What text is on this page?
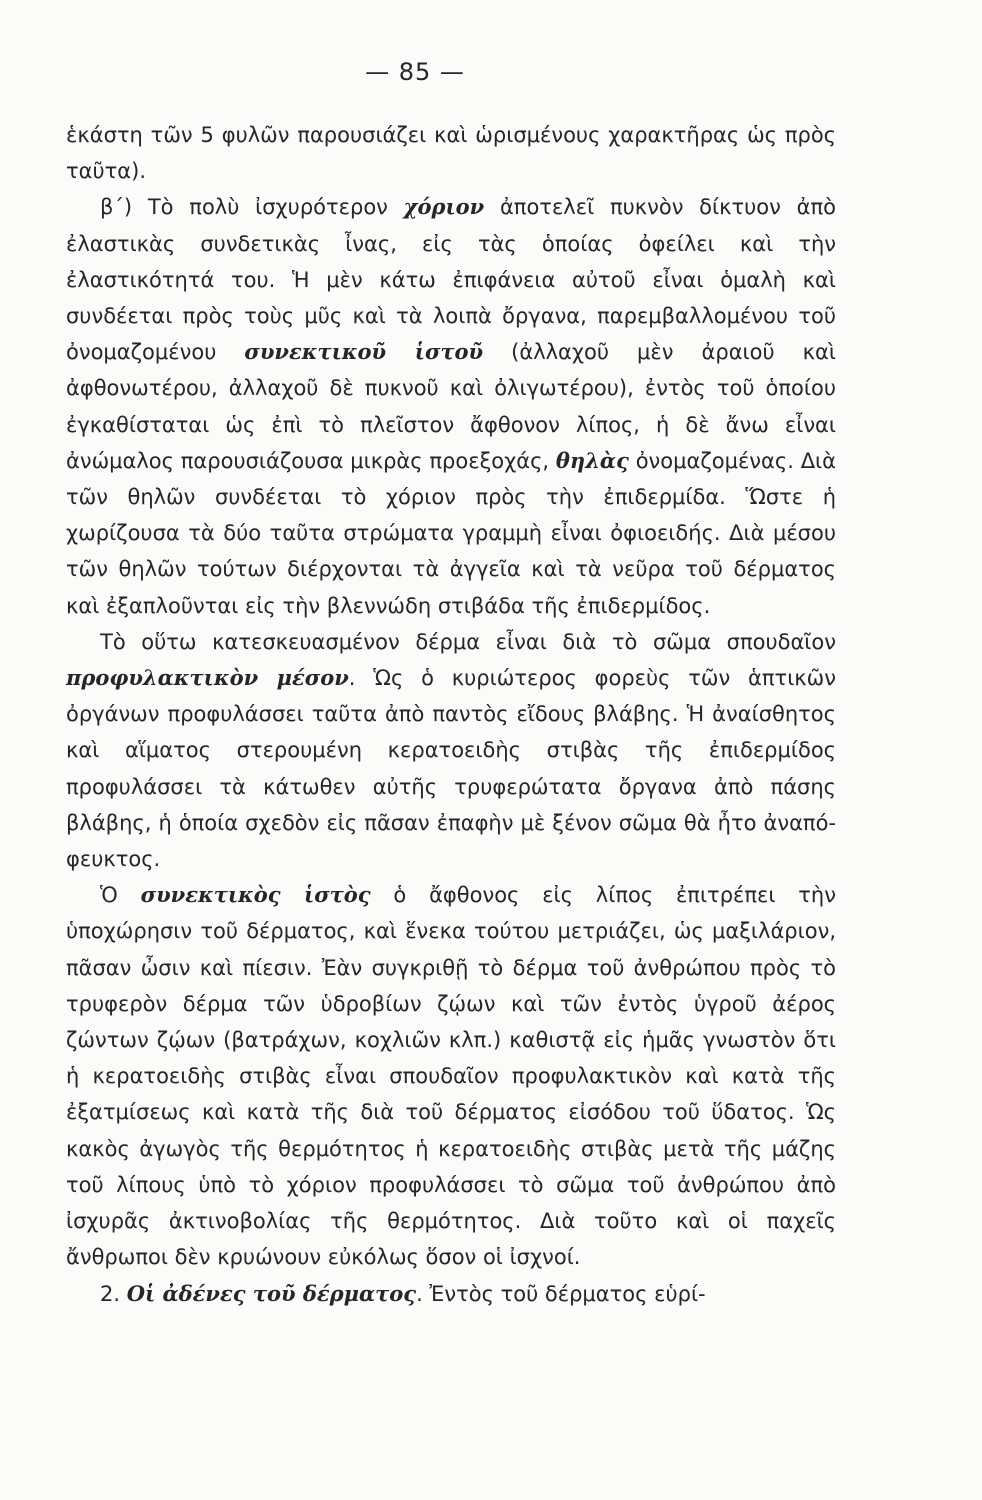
— 85 —

ἑκάστη τῶν 5 φυλῶν παρουσιάζει καὶ ὡρισμένους χαρακτῆρας ὡς πρὸς ταῦτα).

β΄) Τὸ πολὺ ἰσχυρότερον χόριον ἀποτελεῖ πυκνὸν δίκτυον ἀπὸ ἐλαστικὰς συνδετικὰς ἶνας, εἰς τὰς ὁποίας ὀφείλει καὶ τὴν ἐλαστικότητά του. Ἡ μὲν κάτω ἐπιφάνεια αὐτοῦ εἶναι ὁμαλὴ καὶ συνδέεται πρὸς τοὺς μῦς καὶ τὰ λοιπὰ ὄργανα, παρεμβαλλομένου τοῦ ὀνομαζομένου συνεκτικοῦ ἱστοῦ (ἀλλαχοῦ μὲν ἀραιοῦ καὶ ἀφθονωτέρου, ἀλλαχοῦ δὲ πυκνοῦ καὶ ὀλιγωτέρου), ἐντὸς τοῦ ὁποίου ἐγκαθίσταται ὡς ἐπὶ τὸ πλεῖστον ἄφθονον λίπος, ἡ δὲ ἄνω εἶναι ἀνώμαλος παρουσιάζουσα μικρὰς προεξοχάς, θηλὰς ὀνομαζομένας. Διὰ τῶν θηλῶν συνδέεται τὸ χόριον πρὸς τὴν ἐπιδερμίδα. Ὥστε ἡ χωρίζουσα τὰ δύο ταῦτα στρώματα γραμμὴ εἶναι ὀφιοειδής. Διὰ μέσου τῶν θηλῶν τούτων διέρχονται τὰ ἀγγεῖα καὶ τὰ νεῦρα τοῦ δέρματος καὶ ἐξαπλοῦνται εἰς τὴν βλεννώδη στιβάδα τῆς ἐπιδερμίδος.

Τὸ οὕτω κατεσκευασμένον δέρμα εἶναι διὰ τὸ σῶμα σπουδαῖον προφυλακτικὸν μέσον. Ὡς ὁ κυριώτερος φορεὺς τῶν ἁπτικῶν ὀργάνων προφυλάσσει ταῦτα ἀπὸ παντὸς εἴδους βλάβης. Ἡ ἀναίσθητος καὶ αἵματος στερουμένη κερατοειδὴς στιβὰς τῆς ἐπιδερμίδος προφυλάσσει τὰ κάτωθεν αὐτῆς τρυφερώτατα ὄργανα ἀπὸ πάσης βλάβης, ἡ ὁποία σχεδὸν εἰς πᾶσαν ἐπαφὴν μὲ ξένον σῶμα θὰ ἦτο ἀναπόφευκτος.

Ὁ συνεκτικὸς ἱστὸς ὁ ἄφθονος εἰς λίπος ἐπιτρέπει τὴν ὑποχώρησιν τοῦ δέρματος, καὶ ἕνεκα τούτου μετριάζει, ὡς μαξιλάριον, πᾶσαν ὦσιν καὶ πίεσιν. Ἐὰν συγκριθῇ τὸ δέρμα τοῦ ἀνθρώπου πρὸς τὸ τρυφερὸν δέρμα τῶν ὑδροβίων ζῴων καὶ τῶν ἐντὸς ὑγροῦ ἀέρος ζώντων ζῴων (βατράχων, κοχλιῶν κλπ.) καθιστᾷ εἰς ἡμᾶς γνωστὸν ὅτι ἡ κερατοειδὴς στιβὰς εἶναι σπουδαῖον προφυλακτικὸν καὶ κατὰ τῆς ἐξατμίσεως καὶ κατὰ τῆς διὰ τοῦ δέρματος εἰσόδου τοῦ ὕδατος. Ὡς κακὸς ἀγωγὸς τῆς θερμότητος ἡ κερατοειδὴς στιβὰς μετὰ τῆς μάζης τοῦ λίπους ὑπὸ τὸ χόριον προφυλάσσει τὸ σῶμα τοῦ ἀνθρώπου ἀπὸ ἰσχυρᾶς ἀκτινοβολίας τῆς θερμότητος. Διὰ τοῦτο καὶ οἱ παχεῖς ἄνθρωποι δὲν κρυώνουν εὐκόλως ὅσον οἱ ἰσχνοί.

2. Οἱ ἀδένες τοῦ δέρματος. Ἐντὸς τοῦ δέρματος εὑρί-
